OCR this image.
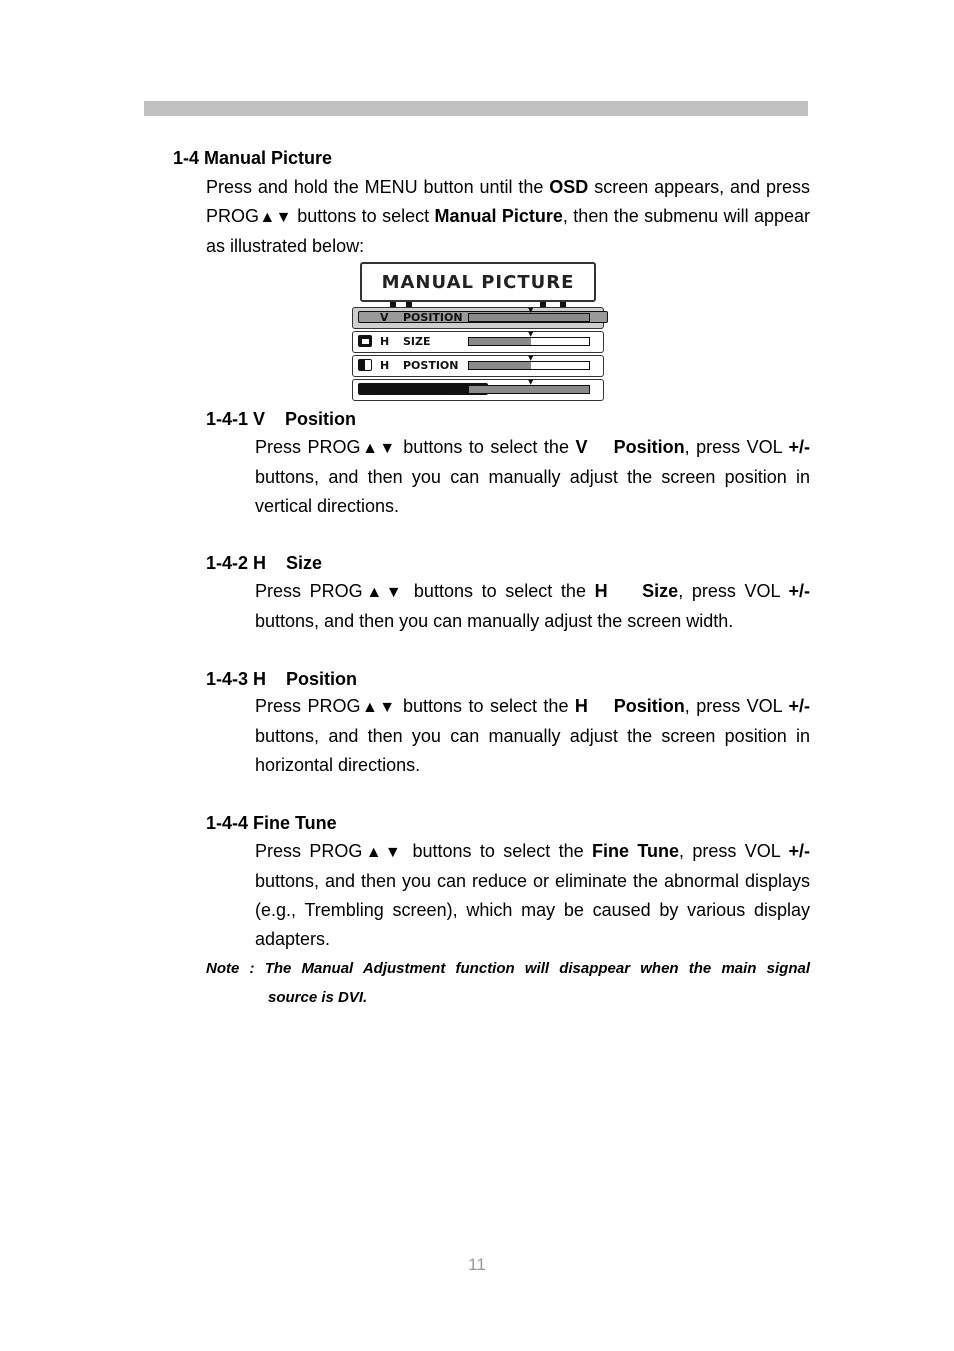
1-4 Manual Picture
Press and hold the MENU button until the OSD screen appears, and press PROG▲▼ buttons to select Manual Picture, then the submenu will appear as illustrated below:
MANUAL PICTURE
V POSITION
▼
H SIZE
▼
H POSTION
▼
FINE TUNE
▼
1-4-1 V    Position
Press PROG▲▼ buttons to select the V    Position, press VOL +/- buttons, and then you can manually adjust the screen position in vertical directions.
1-4-2 H    Size
Press PROG▲▼ buttons to select the H    Size, press VOL +/- buttons, and then you can manually adjust the screen width.
1-4-3 H    Position
Press PROG▲▼ buttons to select the H    Position, press VOL +/- buttons, and then you can manually adjust the screen position in horizontal directions.
1-4-4 Fine Tune
Press PROG▲▼ buttons to select the Fine Tune, press VOL +/- buttons, and then you can reduce or eliminate the abnormal displays (e.g., Trembling screen), which may be caused by various display adapters.
Note : The Manual Adjustment function will disappear when the main signal
source is DVI.
11
